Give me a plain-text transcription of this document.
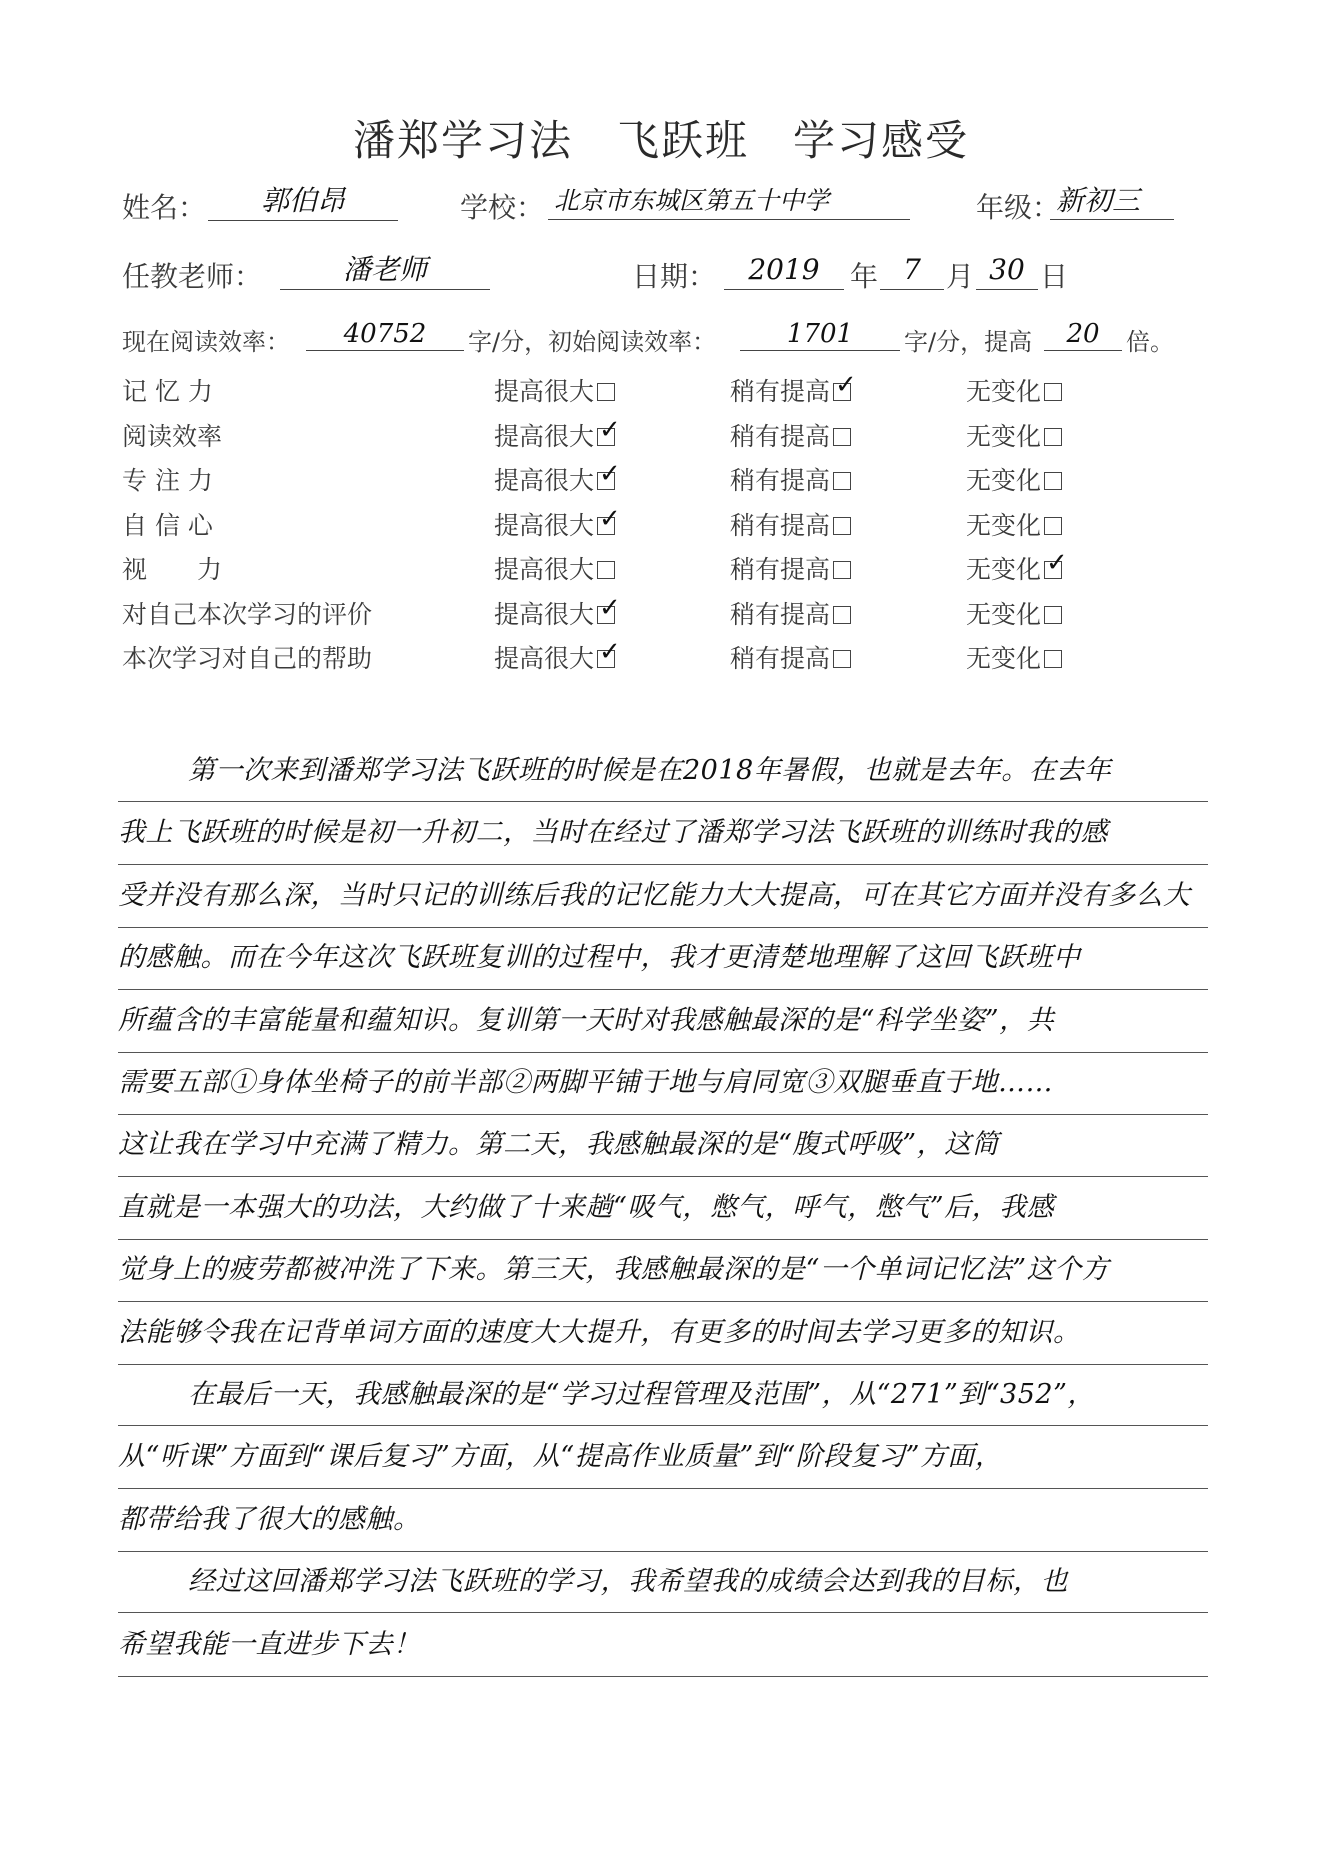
潘郑学习法 飞跃班 学习感受
姓名：	郭伯昂	学校： 北京市东城区第五十中学	年级：
新初三
任教老师：	潘老师	日期：	2019	年 7 月 30 日
现在阅读效率：	40752	字/分，初始阅读效率：	1701	字/分，提高	20	倍。
记 忆 力	提高很大	稍有提高 ✓	无变化
阅读效率	提高很大 ✓	稍有提高	无变化
专 注 力	提高很大 ✓	稍有提高	无变化
自 信 心	提高很大 ✓	稍有提高	无变化
视　　力	提高很大	稍有提高	无变化✓
对自己本次学习的评价	提高很大 ✓	稍有提高	无变化
本次学习对自己的帮助	提高很大 ✓	稍有提高	无变化
第一次来到潘郑学习法飞跃班的时候是在2018年暑假，也就是去年。在去年
我上飞跃班的时候是初一升初二，当时在经过了潘郑学习法飞跃班的训练时我的感
受并没有那么深，当时只记的训练后我的记忆能力大大提高，可在其它方面并没有多么大
的感触。而在今年这次飞跃班复训的过程中，我才更清楚地理解了这回飞跃班中
所蕴含的丰富能量和蕴知识。复训第一天时对我感触最深的是“科学坐姿”，共
需要五部①身体坐椅子的前半部②两脚平铺于地与肩同宽③双腿垂直于地……
这让我在学习中充满了精力。第二天，我感触最深的是“腹式呼吸”，这简
直就是一本强大的功法，大约做了十来趟“吸气，憋气，呼气，憋气”后，我感
觉身上的疲劳都被冲洗了下来。第三天，我感触最深的是“一个单词记忆法”这个方
法能够令我在记背单词方面的速度大大提升，有更多的时间去学习更多的知识。
在最后一天，我感触最深的是“学习过程管理及范围”，从“271”到“352”，
从“听课”方面到“课后复习”方面，从“提高作业质量”到“阶段复习”方面，
都带给我了很大的感触。
经过这回潘郑学习法飞跃班的学习，我希望我的成绩会达到我的目标，也
希望我能一直进步下去！
